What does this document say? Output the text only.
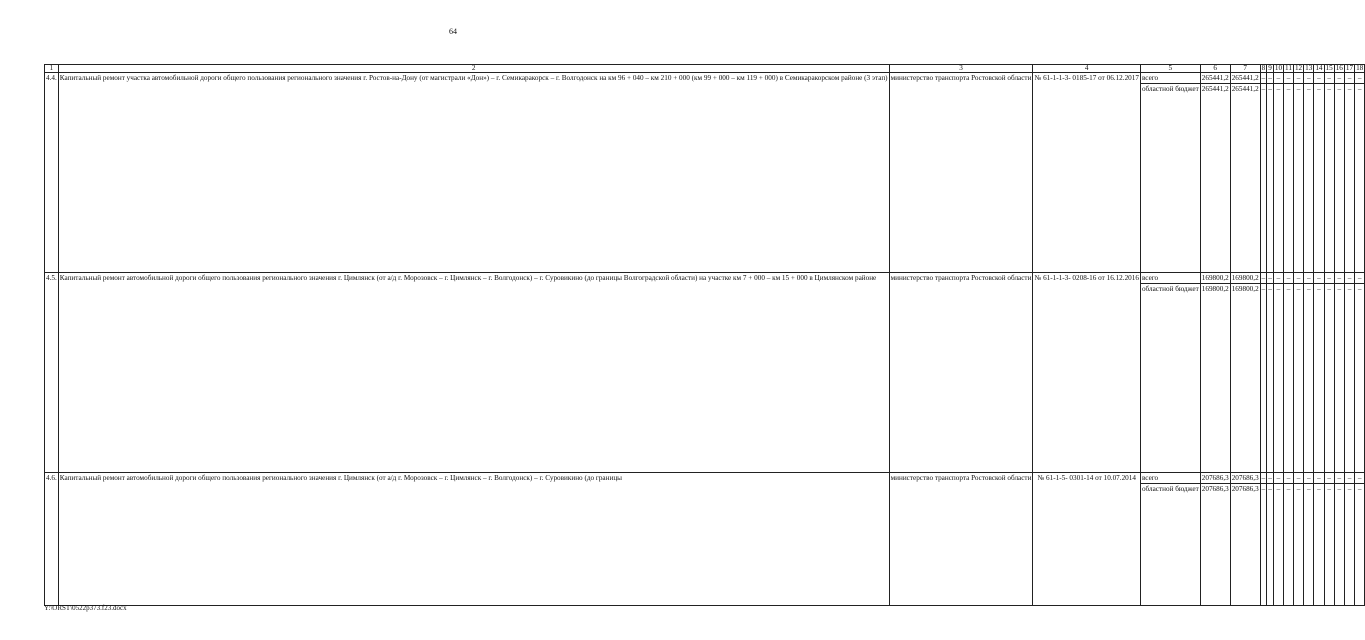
64
1	2	3	4	5	6	7	8	9	10	11	12	13	14	15	16	17	18
4.4.	Капитальный ремонт участка автомобильной дороги общего пользования регионального значения г. Ростов-на-Дону (от магистрали «Дон») – г. Семикаракорск – г. Волгодонск на км 96 + 040 – км 210 + 000 (км 99 + 000 – км 119 + 000) в Семикаракорском районе (3 этап)	министерство транспорта Ростовской области	№ 61-1-1-3- 0185-17 от 06.12.2017	всего	265441,2	265441,2	–	–	–	–	–	–	–	–	–	–	–
				областной бюджет	265441,2	265441,2	–	–	–	–	–	–	–	–	–	–	–
4.5.	Капитальный ремонт автомобильной дороги общего пользования регионального значения г. Цимлянск (от а/д г. Морозовск – г. Цимлянск – г. Волгодонск) – г. Суровикино (до границы Волгоградской области) на участке км 7 + 000 – км 15 + 000 в Цимлянском районе	министерство транспорта Ростовской области	№ 61-1-1-3- 0208-16 от 16.12.2016	всего	169800,2	169800,2	–	–	–	–	–	–	–	–	–	–	–
				областной бюджет	169800,2	169800,2	–	–	–	–	–	–	–	–	–	–	–
4.6.	Капитальный ремонт автомобильной дороги общего пользования регионального значения г. Цимлянск (от а/д г. Морозовск – г. Цимлянск – г. Волгодонск) – г. Суровикино (до границы	министерство транспорта Ростовской области	№ 61-1-5- 0301-14 от 10.07.2014	всего	207686,3	207686,3	–	–	–	–	–	–	–	–	–	–	–
				областной бюджет	207686,3	207686,3	–	–	–	–	–	–	–	–	–	–	–
Y:\ORST\0522p373.f23.docx
